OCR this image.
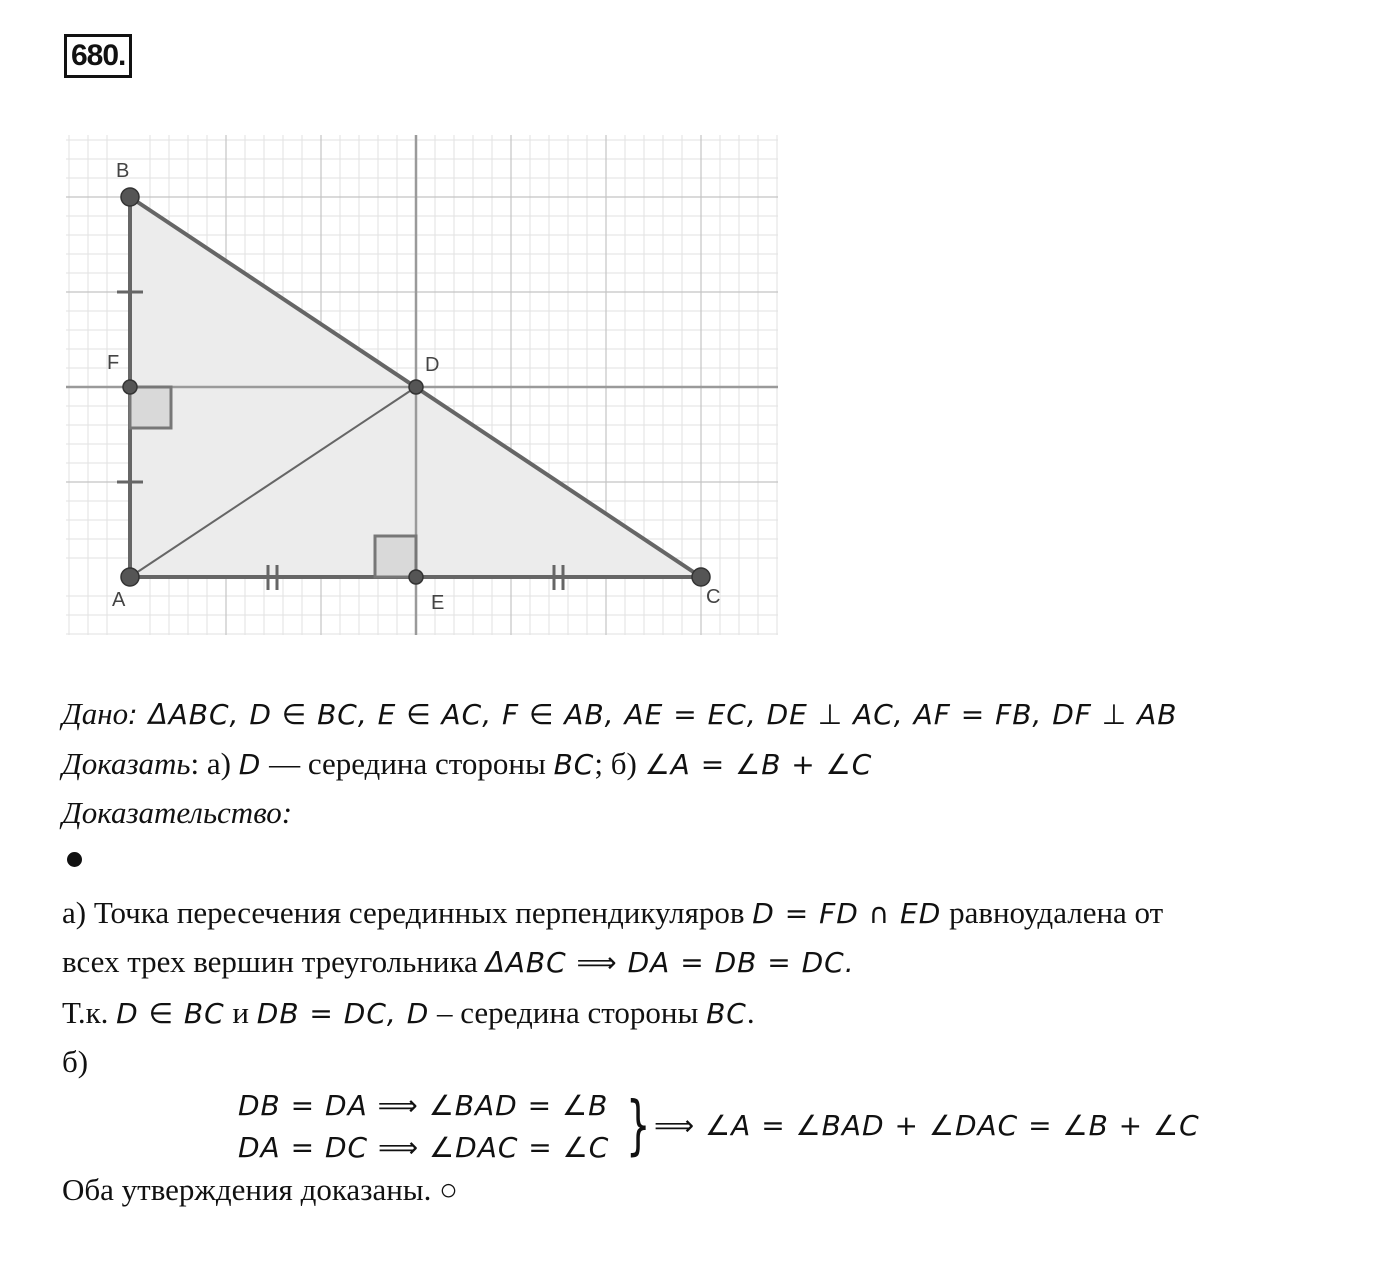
680.
B
A	C
D
E
F
Дано: ΔABC, D ∈ BC, E ∈ AC, F ∈ AB, AE = EC, DE ⊥ AC, AF = FB, DF ⊥ AB
Доказать: а) D — середина стороны BC; б) ∠A = ∠B + ∠C
Доказательство:
а) Точка пересечения серединных перпендикуляров D = FD ∩ ED равноудалена от
всех трех вершин треугольника ΔABC ⟹ DA = DB = DC.
Т.к. D ∈ BC и DB = DC, D – середина стороны BC.
б)
DB = DA ⟹ ∠BAD = ∠B
DA = DC ⟹ ∠DAC = ∠C } ⟹ ∠A = ∠BAD + ∠DAC = ∠B + ∠C
Оба утверждения доказаны. ○
